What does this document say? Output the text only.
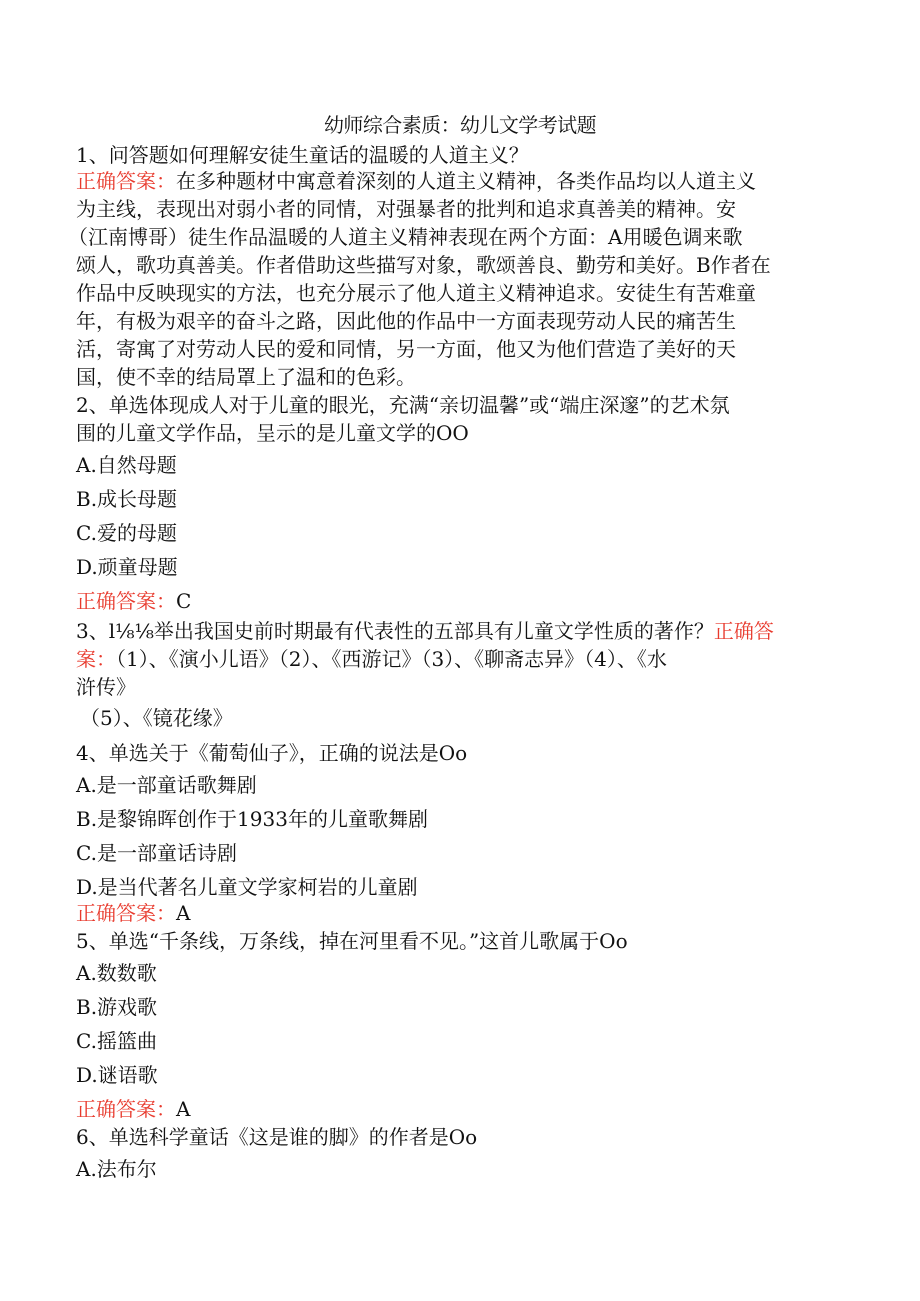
幼师综合素质：幼儿文学考试题
1、问答题如何理解安徒生童话的温暖的人道主义？
正确答案：在多种题材中寓意着深刻的人道主义精神，各类作品均以人道主义
为主线，表现出对弱小者的同情，对强暴者的批判和追求真善美的精神。安
（江南博哥）徒生作品温暖的人道主义精神表现在两个方面：A用暖色调来歌
颂人，歌功真善美。作者借助这些描写对象，歌颂善良、勤劳和美好。B作者在
作品中反映现实的方法，也充分展示了他人道主义精神追求。安徒生有苦难童
年，有极为艰辛的奋斗之路，因此他的作品中一方面表现劳动人民的痛苦生
活，寄寓了对劳动人民的爱和同情，另一方面，他又为他们营造了美好的天
国，使不幸的结局罩上了温和的色彩。
2、单选体现成人对于儿童的眼光，充满“亲切温馨”或“端庄深邃”的艺术氛
围的儿童文学作品，呈示的是儿童文学的OO
A.自然母题
B.成长母题
C.爱的母题
D.顽童母题
正确答案：C
3、l⅛⅛举出我国史前时期最有代表性的五部具有儿童文学性质的著作？正确答
案：（1）、《演小儿语》（2）、《西游记》（3）、《聊斋志异》（4）、《水
浒传》
（5）、《镜花缘》
4、单选关于《葡萄仙子》，正确的说法是Oo
A.是一部童话歌舞剧
B.是黎锦晖创作于1933年的儿童歌舞剧
C.是一部童话诗剧
D.是当代著名儿童文学家柯岩的儿童剧
正确答案：A
5、单选“千条线，万条线，掉在河里看不见。”这首儿歌属于Oo
A.数数歌
B.游戏歌
C.摇篮曲
D.谜语歌
正确答案：A
6、单选科学童话《这是谁的脚》的作者是Oo
A.法布尔
